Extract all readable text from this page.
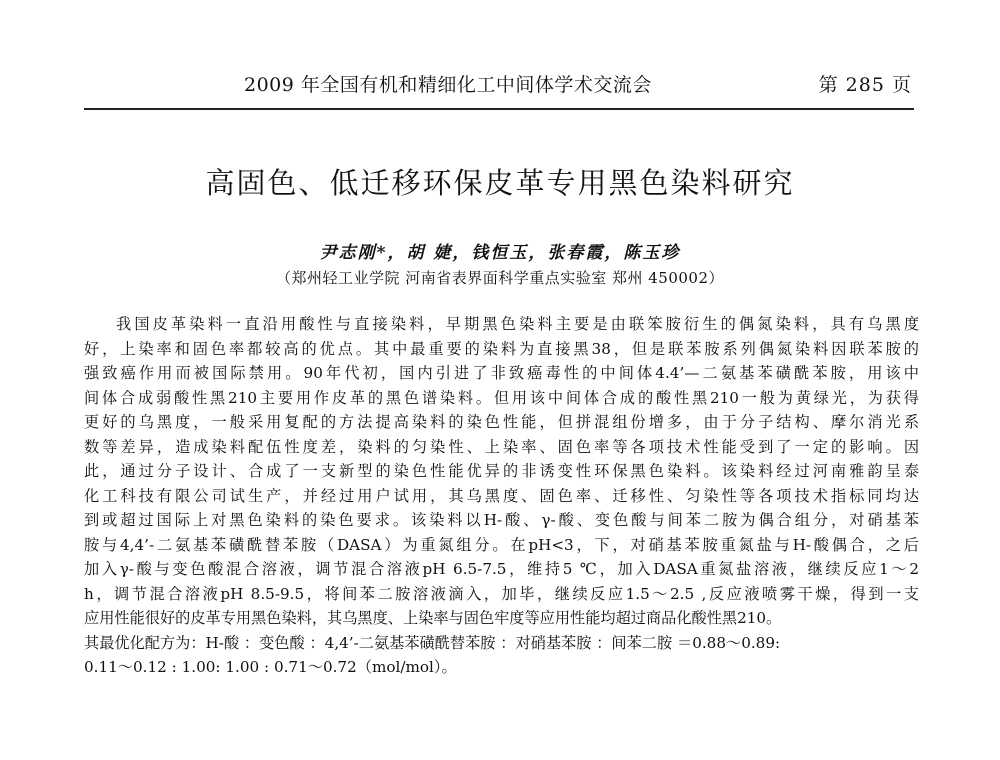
2009 年全国有机和精细化工中间体学术交流会	第 285 页
高固色、低迁移环保皮革专用黑色染料研究
尹志刚*，胡 婕，钱恒玉，张春霞，陈玉珍
（郑州轻工业学院 河南省表界面科学重点实验室 郑州 450002）
我国皮革染料一直沿用酸性与直接染料，早期黑色染料主要是由联笨胺衍生的偶氮染料，具有乌黑度
好，上染率和固色率都较高的优点。其中最重要的染料为直接黑38，但是联苯胺系列偶氮染料因联苯胺的
强致癌作用而被国际禁用。90年代初，国内引进了非致癌毒性的中间体4.4’—二氨基苯磺酰苯胺，用该中
间体合成弱酸性黑210主要用作皮革的黑色谱染料。但用该中间体合成的酸性黑210一般为黄绿光，为获得
更好的乌黑度，一般采用复配的方法提高染料的染色性能，但拼混组份增多，由于分子结构、摩尔消光系
数等差异，造成染料配伍性度差，染料的匀染性、上染率、固色率等各项技术性能受到了一定的影响。因
此，通过分子设计、合成了一支新型的染色性能优异的非诱变性环保黑色染料。该染料经过河南雅韵呈泰
化工科技有限公司试生产，并经过用户试用，其乌黑度、固色率、迁移性、匀染性等各项技术指标同均达
到或超过国际上对黑色染料的染色要求。该染料以H-酸、γ-酸、变色酸与间苯二胺为偶合组分，对硝基苯
胺与4,4’-二氨基苯磺酰替苯胺（DASA）为重氮组分。在pH<3，下，对硝基苯胺重氮盐与H-酸偶合，之后
加入γ-酸与变色酸混合溶液，调节混合溶液pH 6.5-7.5，维持5 ℃，加入DASA重氮盐溶液，继续反应1～2
h，调节混合溶液pH 8.5-9.5，将间苯二胺溶液滴入，加毕，继续反应1.5～2.5 ,反应液喷雾干燥，得到一支
应用性能很好的皮革专用黑色染料，其乌黑度、上染率与固色牢度等应用性能均超过商品化酸性黑210。
其最优化配方为：H-酸 ：变色酸 ：4,4’-二氨基苯磺酰替苯胺 ：对硝基苯胺 ：间苯二胺 ＝0.88～0.89:
0.11～0.12 : 1.00: 1.00 : 0.71～0.72（mol/mol）。
